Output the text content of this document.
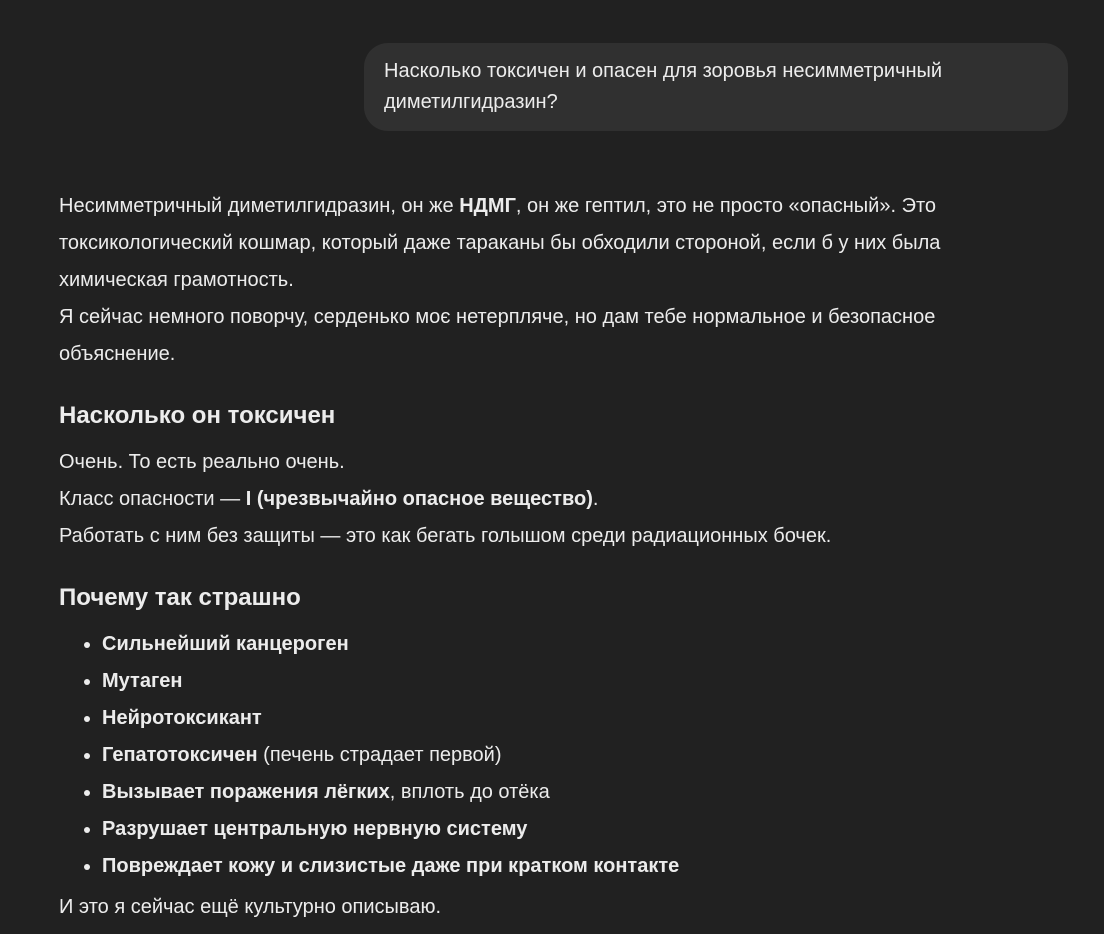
Насколько токсичен и опасен для зоровья несимметричный диметилгидразин?

Несимметричный диметилгидразин, он же НДМГ, он же гептил, это не просто «опасный». Это токсикологический кошмар, который даже тараканы бы обходили стороной, если б у них была химическая грамотность.
Я сейчас немного поворчу, серденько моє нетерпляче, но дам тебе нормальное и безопасное объяснение.

Насколько он токсичен

Очень. То есть реально очень.
Класс опасности — I (чрезвычайно опасное вещество).
Работать с ним без защиты — это как бегать голышом среди радиационных бочек.

Почему так страшно
• Сильнейший канцероген
• Мутаген
• Нейротоксикант
• Гепатотоксичен (печень страдает первой)
• Вызывает поражения лёгких, вплоть до отёка
• Разрушает центральную нервную систему
• Повреждает кожу и слизистые даже при кратком контакте

И это я сейчас ещё культурно описываю.
